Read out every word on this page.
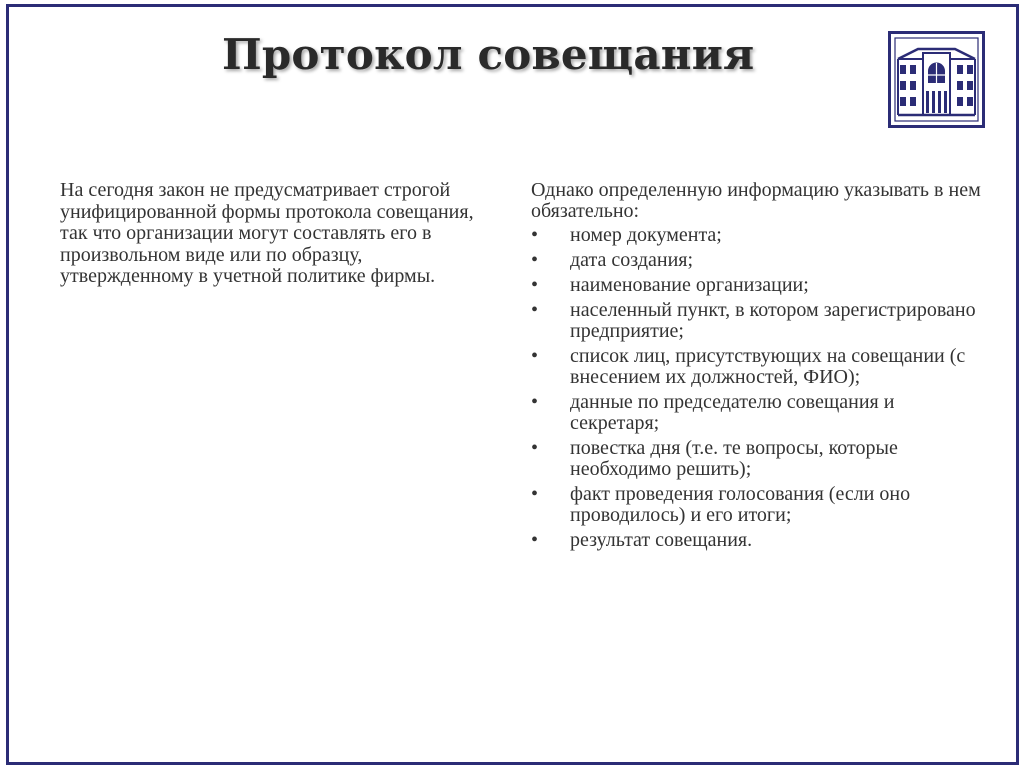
Протокол совещания

На сегодня закон не предусматривает строгой унифицированной формы протокола совещания, так что организации могут составлять его в произвольном виде или по образцу, утвержденному в учетной политике фирмы.

Однако определенную информацию указывать в нем обязательно:

• номер документа;
• дата создания;
• наименование организации;
• населенный пункт, в котором зарегистрировано предприятие;
• список лиц, присутствующих на совещании (с внесением их должностей, ФИО);
• данные по председателю совещания и секретаря;
• повестка дня (т.е. те вопросы, которые необходимо решить);
• факт проведения голосования (если оно проводилось) и его итоги;
• результат совещания.
